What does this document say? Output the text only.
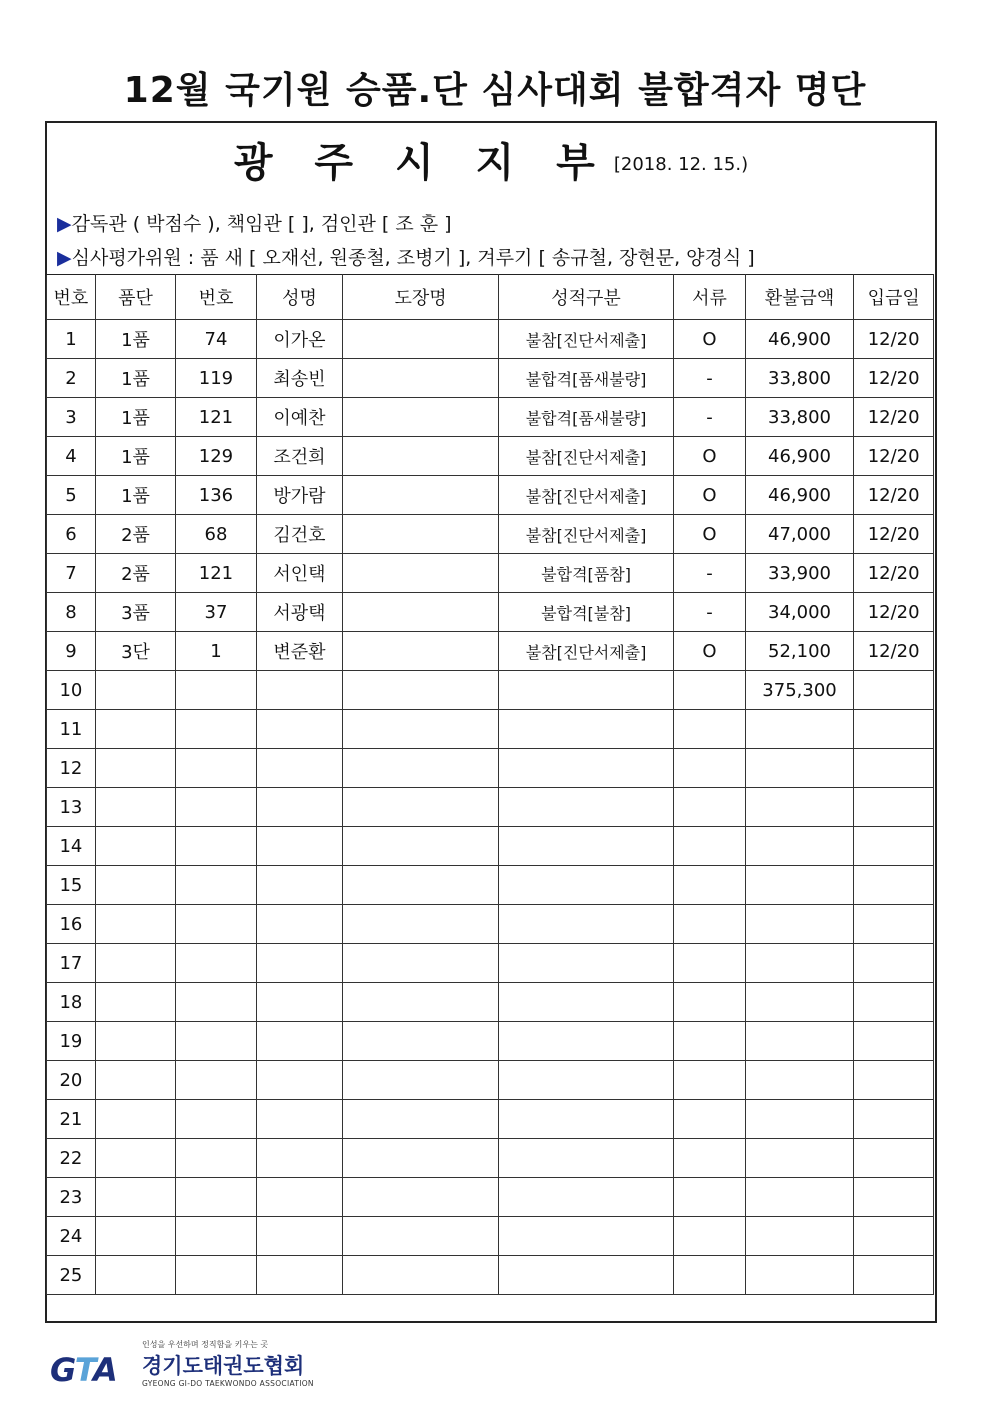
12월 국기원 승품.단 심사대회 불합격자 명단
광 주 시 지 부 [2018. 12. 15.)
▶감독관 ( 박점수 ), 책임관 [ ], 검인관 [ 조 훈 ]
▶심사평가위원 : 품 새 [ 오재선, 원종철, 조병기 ], 겨루기 [ 송규철, 장현문, 양경식 ]
번호	품단	번호	성명	도장명	성적구분	서류	환불금액	입금일
1	1품	74	이가온		불참[진단서제출]	O	46,900	12/20
2	1품	119	최송빈		불합격[품새불량]	-	33,800	12/20
3	1품	121	이예찬		불합격[품새불량]	-	33,800	12/20
4	1품	129	조건희		불참[진단서제출]	O	46,900	12/20
5	1품	136	방가람		불참[진단서제출]	O	46,900	12/20
6	2품	68	김건호		불참[진단서제출]	O	47,000	12/20
7	2품	121	서인택		불합격[품참]	-	33,900	12/20
8	3품	37	서광택		불합격[불참]	-	34,000	12/20
9	3단	1	변준환		불참[진단서제출]	O	52,100	12/20
10							375,300	
11								
12								
13								
14								
15								
16								
17								
18								
19								
20								
21								
22								
23								
24								
25								
GTA
인성을 우선하며 정직함을 키우는 곳
경기도태권도협회
GYEONG GI-DO TAEKWONDO ASSOCIATION
